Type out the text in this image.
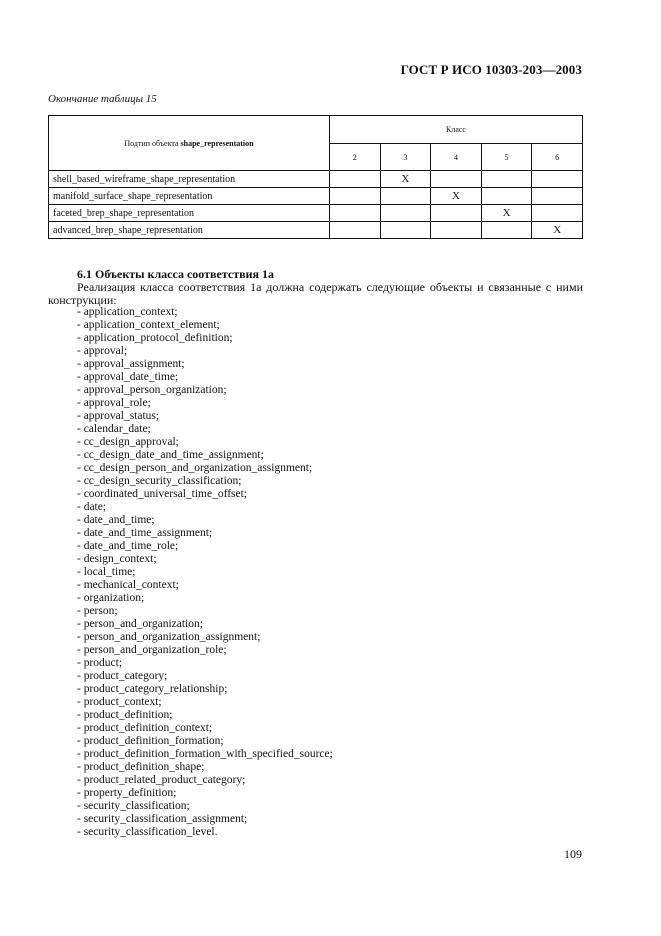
ГОСТ Р ИСО 10303-203—2003
Окончание таблицы 15
Подтип объекта shape_representation	Класс				
	2	3	4	5	6
shell_based_wireframe_shape_representation		X			
manifold_surface_shape_representation			X		
faceted_brep_shape_representation				X	
advanced_brep_shape_representation					X
6.1 Объекты класса соответствия 1а
Реализация класса соответствия 1а должна содержать следующие объекты и связанные с ними конструкции:
- application_context;
- application_context_element;
- application_protocol_definition;
- approval;
- approval_assignment;
- approval_date_time;
- approval_person_organization;
- approval_role;
- approval_status;
- calendar_date;
- cc_design_approval;
- cc_design_date_and_time_assignment;
- cc_design_person_and_organization_assignment;
- cc_design_security_classification;
- coordinated_universal_time_offset;
- date;
- date_and_time;
- date_and_time_assignment;
- date_and_time_role;
- design_context;
- local_time;
- mechanical_context;
- organization;
- person;
- person_and_organization;
- person_and_organization_assignment;
- person_and_organization_role;
- product;
- product_category;
- product_category_relationship;
- product_context;
- product_definition;
- product_definition_context;
- product_definition_formation;
- product_definition_formation_with_specified_source;
- product_definition_shape;
- product_related_product_category;
- property_definition;
- security_classification;
- security_classification_assignment;
- security_classification_level.
109
